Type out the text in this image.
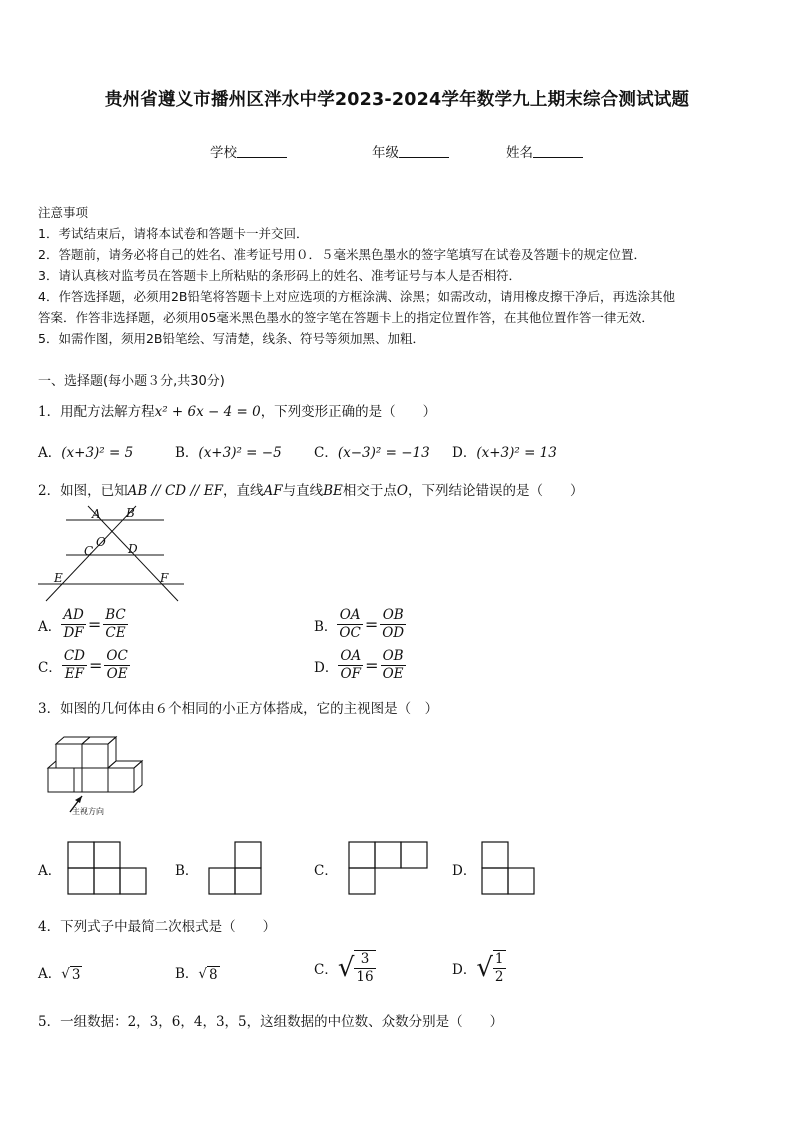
贵州省遵义市播州区泮水中学2023-2024学年数学九上期末综合测试试题
学校	年级	姓名
注意事项
1．考试结束后，请将本试卷和答题卡一并交回．
2．答题前，请务必将自己的姓名、准考证号用０．５毫米黑色墨水的签字笔填写在试卷及答题卡的规定位置．
3．请认真核对监考员在答题卡上所粘贴的条形码上的姓名、准考证号与本人是否相符．
4．作答选择题，必须用2B铅笔将答题卡上对应选项的方框涂满、涂黑；如需改动，请用橡皮擦干净后，再选涂其他
答案．作答非选择题，必须用05毫米黑色墨水的签字笔在答题卡上的指定位置作答，在其他位置作答一律无效．
5．如需作图，须用2B铅笔绘、写清楚，线条、符号等须加黑、加粗．
一、选择题(每小题３分,共30分)
1．用配方法解方程x² + 6x − 4 = 0，下列变形正确的是（　　）
A．(x+3)² = 5	B．(x+3)² = −5 C．(x−3)² = −13 D．(x+3)² = 13
2．如图，已知AB // CD // EF，直线AF与直线BE相交于点O，下列结论错误的是（　　）
A B
O
C	D
E	F
A． $\frac{AD}{DF} = \frac{BC}{CE}$	B． $\frac{OA}{OC} = \frac{OB}{OD}$
C． $\frac{CD}{EF} = \frac{OC}{OE}$	D． $\frac{OA}{OF} = \frac{OB}{OE}$
3．如图的几何体由６个相同的小正方体搭成，它的主视图是（　）
主视方向
A．	B．	C．	D．
4．下列式子中最简二次根式是（　　）
A． √ 3	B． √ 8	C． √ $\frac{3}{16}$	D． √ $\frac{1}{2}$
5．一组数据：2，3，6，4，3，5，这组数据的中位数、众数分别是（　　）
